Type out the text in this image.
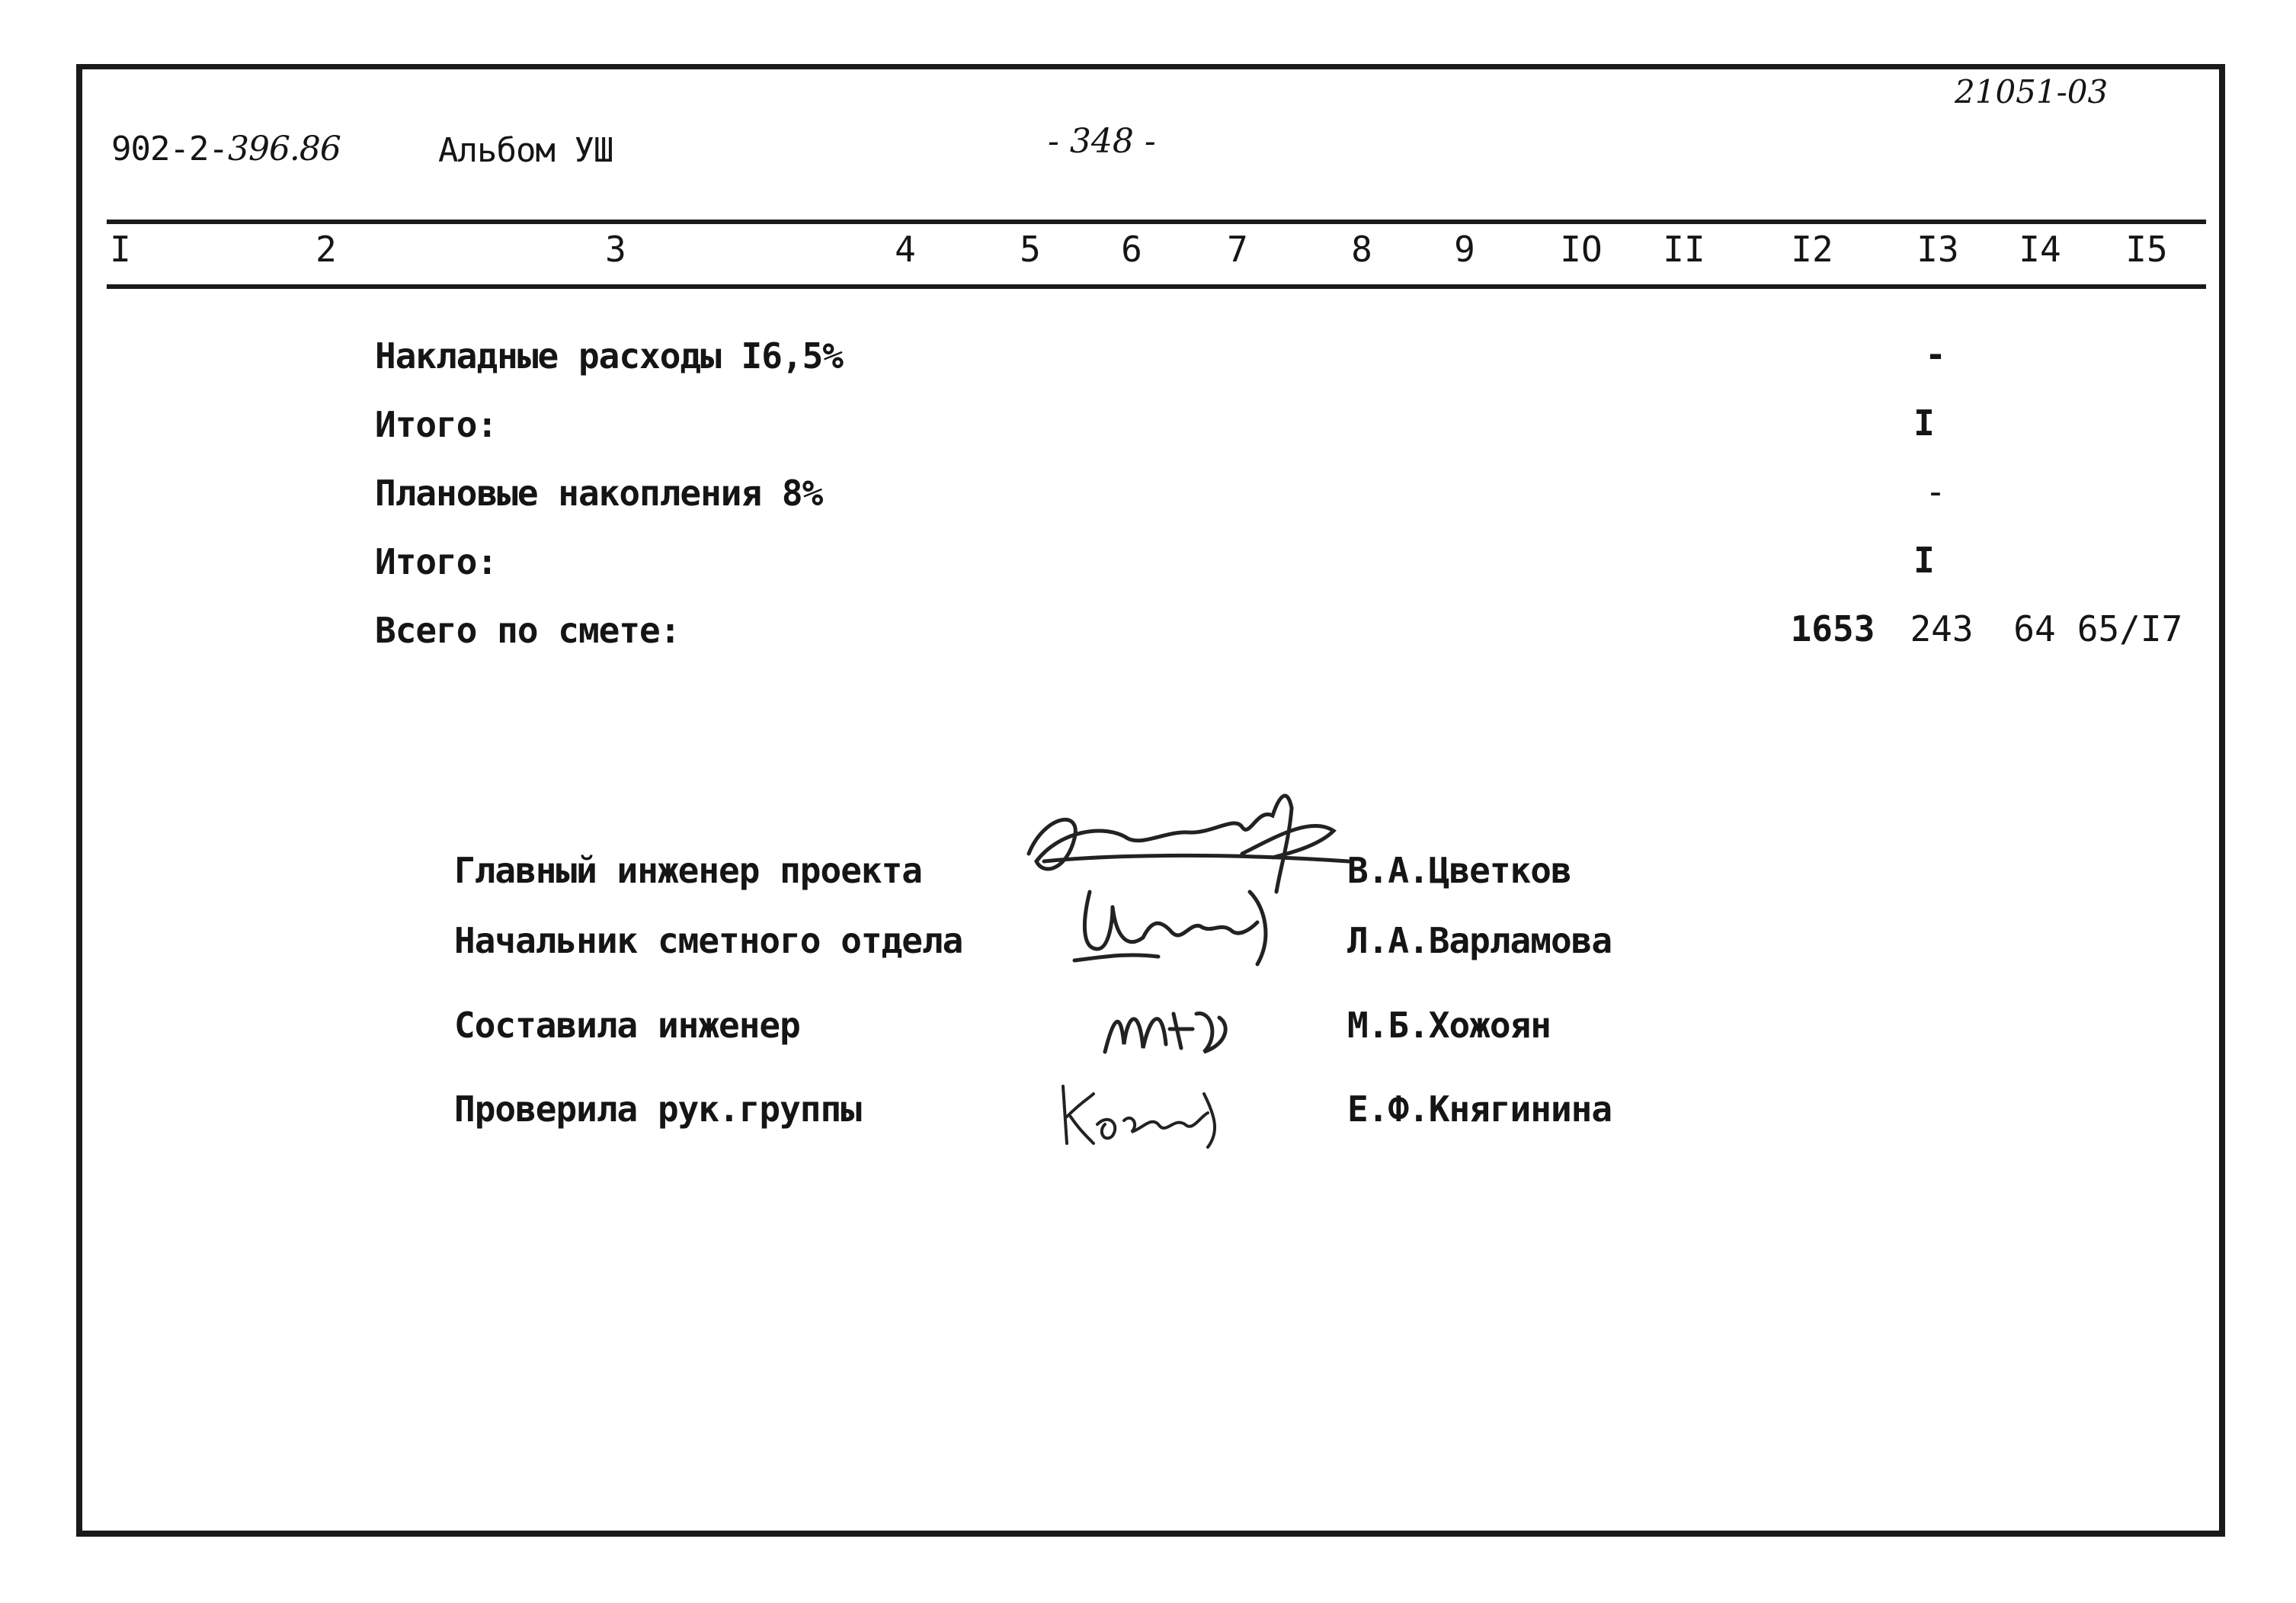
902-2-396.86	Альбом УШ	- 348 -
21051-03
I	2	3	4	5	6	7	8	9	IO II I2 I3 I4 I5
Накладные расходы I6,5%	-
Итого:	I
Плановые накопления 8%	-
Итого:	I
Всего по смете:	1653 243 64 65/I7
Главный инженер проекта	В.А.Цветков
Начальник сметного отдела	Л.А.Варламова
Составила инженер	М.Б.Хожоян
Проверила рук.группы	Е.Ф.Княгинина
